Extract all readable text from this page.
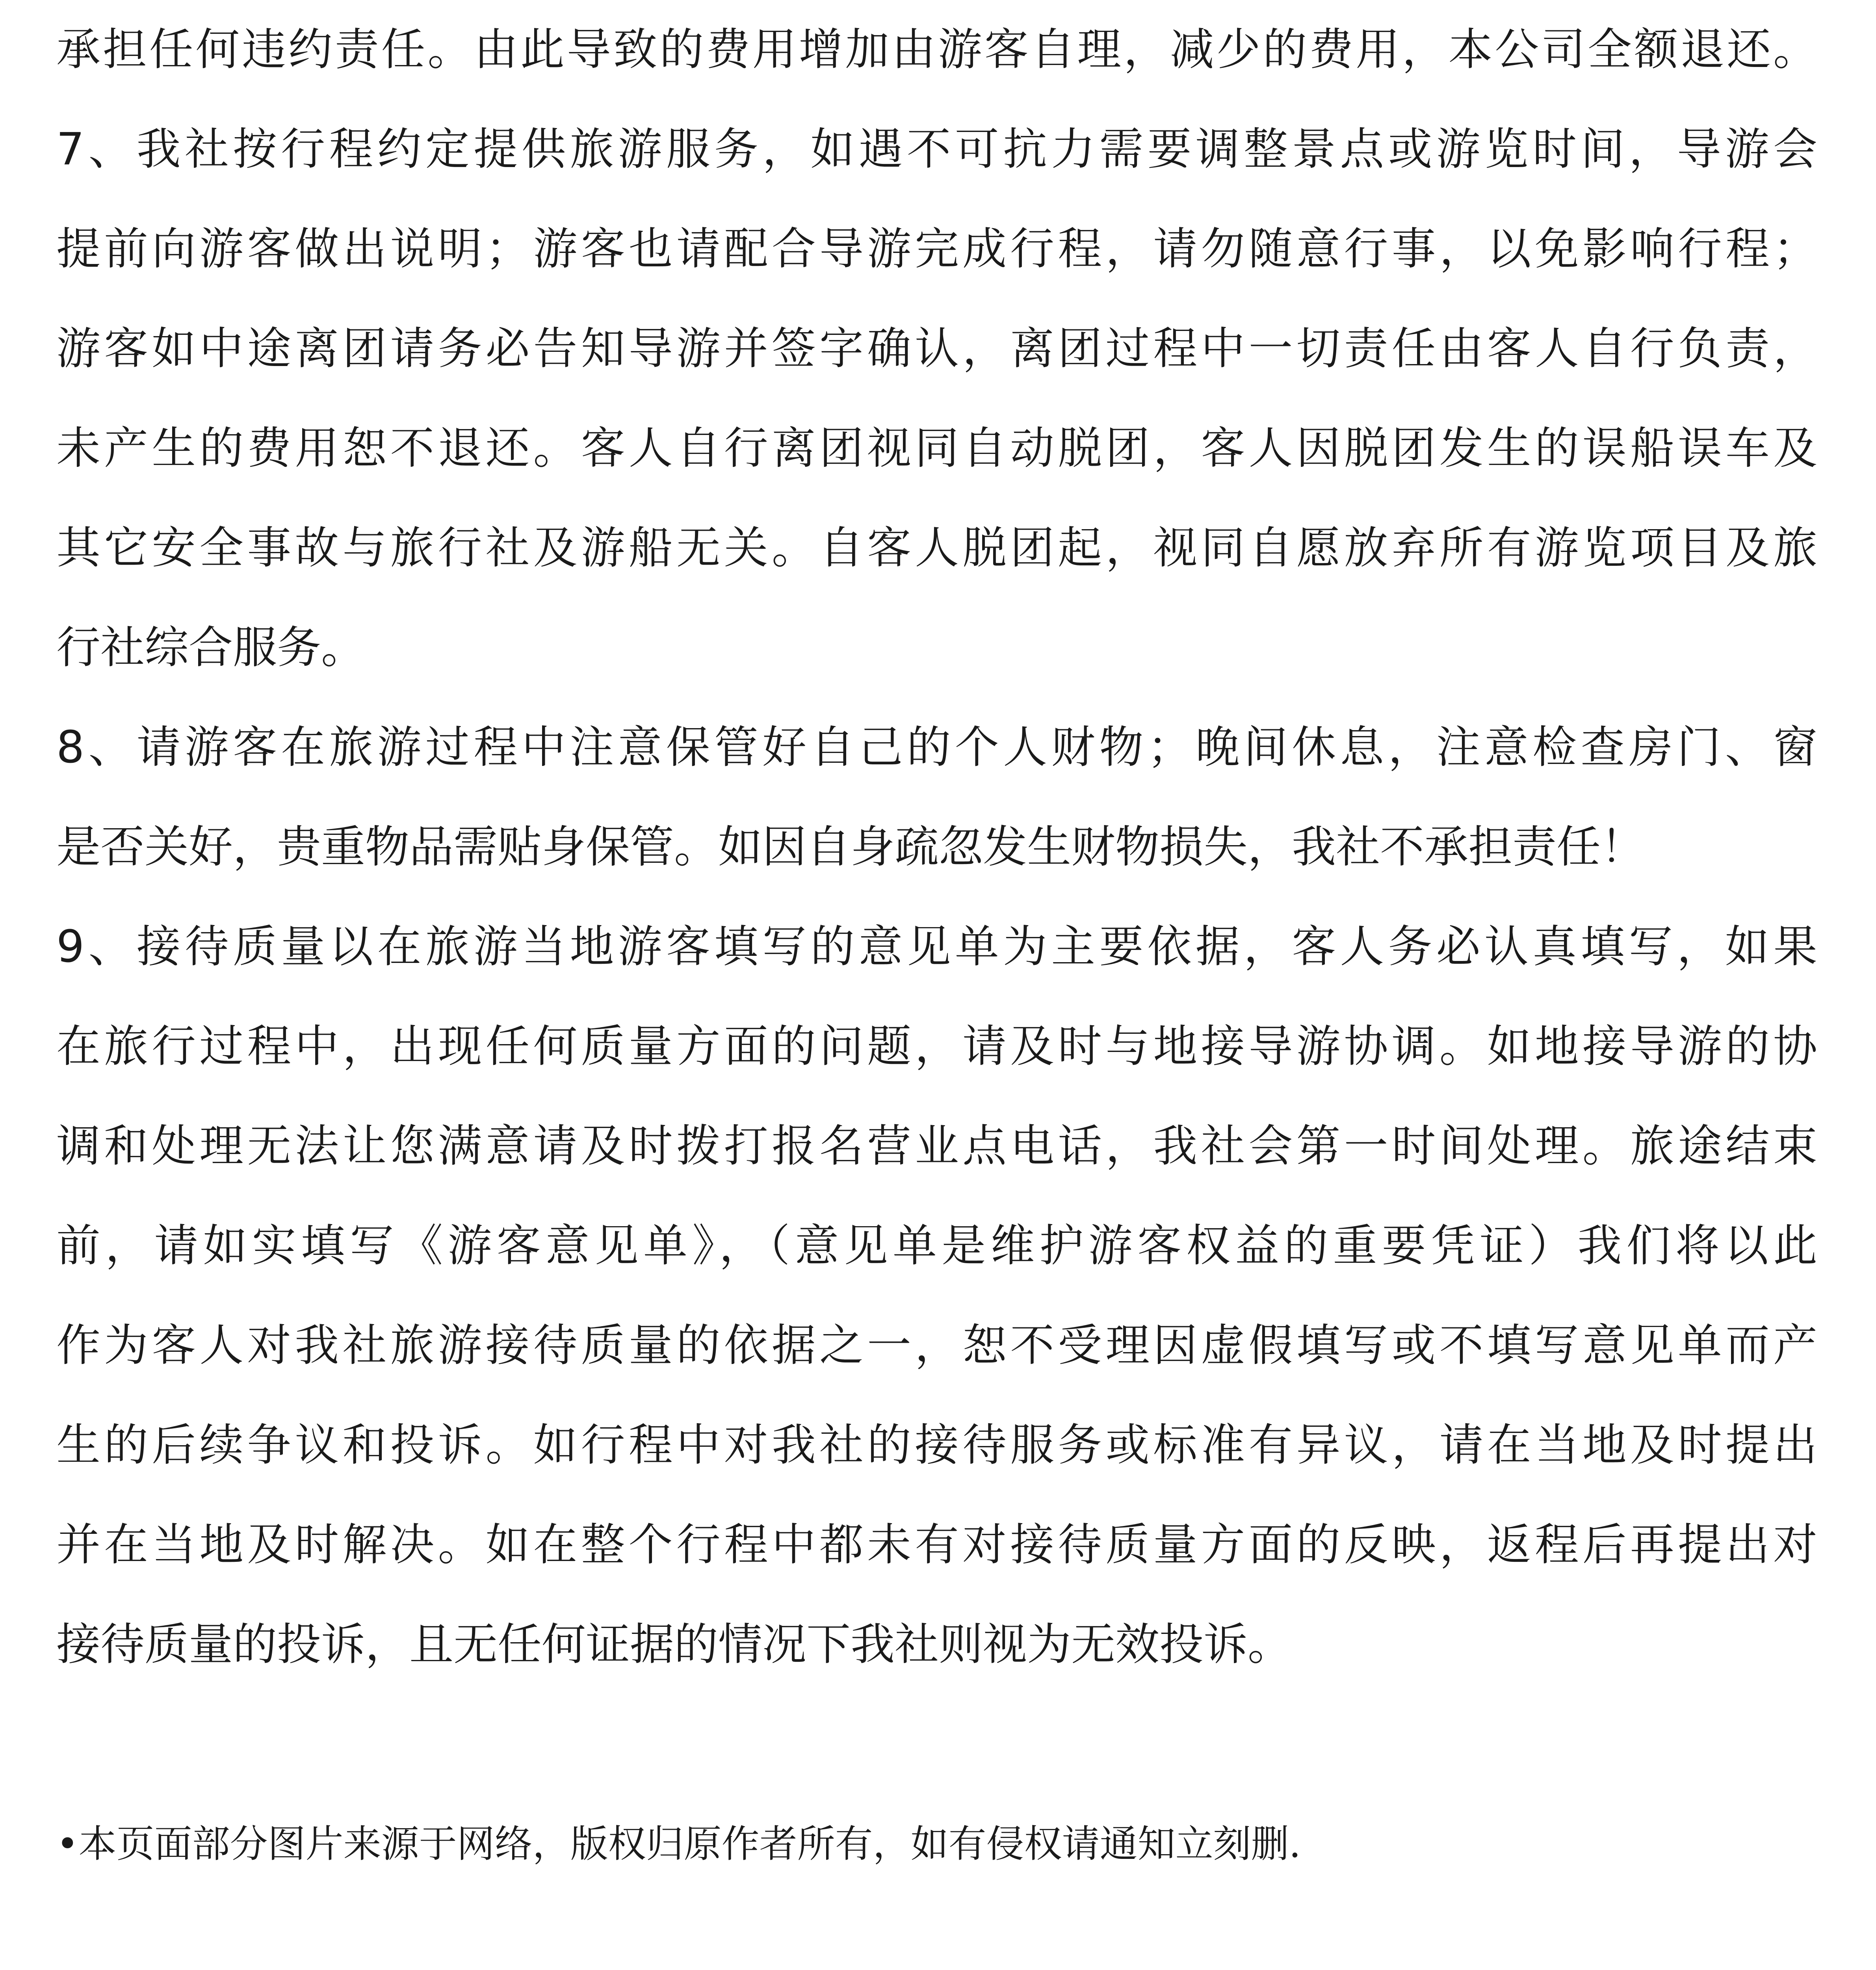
承担任何违约责任。由此导致的费用增加由游客自理，减少的费用，本公司全额退还。
7、我社按行程约定提供旅游服务，如遇不可抗力需要调整景点或游览时间，导游会
提前向游客做出说明；游客也请配合导游完成行程，请勿随意行事，以免影响行程；
游客如中途离团请务必告知导游并签字确认，离团过程中一切责任由客人自行负责，
未产生的费用恕不退还。客人自行离团视同自动脱团，客人因脱团发生的误船误车及
其它安全事故与旅行社及游船无关。自客人脱团起，视同自愿放弃所有游览项目及旅
行社综合服务。
8、请游客在旅游过程中注意保管好自己的个人财物；晚间休息，注意检查房门、窗
是否关好，贵重物品需贴身保管。如因自身疏忽发生财物损失，我社不承担责任！
9、接待质量以在旅游当地游客填写的意见单为主要依据，客人务必认真填写，如果
在旅行过程中，出现任何质量方面的问题，请及时与地接导游协调。如地接导游的协
调和处理无法让您满意请及时拨打报名营业点电话，我社会第一时间处理。旅途结束
前，请如实填写《游客意见单》，（意见单是维护游客权益的重要凭证）我们将以此
作为客人对我社旅游接待质量的依据之一，恕不受理因虚假填写或不填写意见单而产
生的后续争议和投诉。如行程中对我社的接待服务或标准有异议，请在当地及时提出
并在当地及时解决。如在整个行程中都未有对接待质量方面的反映，返程后再提出对
接待质量的投诉，且无任何证据的情况下我社则视为无效投诉。
•本页面部分图片来源于网络，版权归原作者所有，如有侵权请通知立刻删.
